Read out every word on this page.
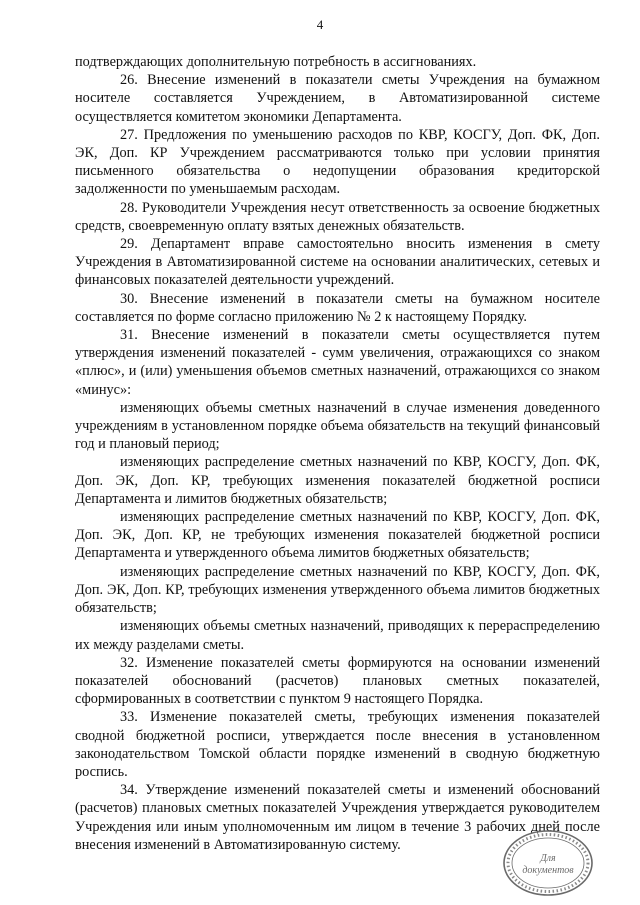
4

подтверждающих дополнительную потребность в ассигнованиях.

26. Внесение изменений в показатели сметы Учреждения на бумажном носителе составляется Учреждением, в Автоматизированной системе осуществляется комитетом экономики Департамента.

27. Предложения по уменьшению расходов по КВР, КОСГУ, Доп. ФК, Доп. ЭК, Доп. КР Учреждением рассматриваются только при условии принятия письменного обязательства о недопущении образования кредиторской задолженности по уменьшаемым расходам.

28. Руководители Учреждения несут ответственность за освоение бюджетных средств, своевременную оплату взятых денежных обязательств.

29. Департамент вправе самостоятельно вносить изменения в смету Учреждения в Автоматизированной системе на основании аналитических, сетевых и финансовых показателей деятельности учреждений.

30. Внесение изменений в показатели сметы на бумажном носителе составляется по форме согласно приложению № 2 к настоящему Порядку.

31. Внесение изменений в показатели сметы осуществляется путем утверждения изменений показателей - сумм увеличения, отражающихся со знаком «плюс», и (или) уменьшения объемов сметных назначений, отражающихся со знаком «минус»:

изменяющих объемы сметных назначений в случае изменения доведенного учреждениям в установленном порядке объема обязательств на текущий финансовый год и плановый период;

изменяющих распределение сметных назначений по КВР, КОСГУ, Доп. ФК, Доп. ЭК, Доп. КР, требующих изменения показателей бюджетной росписи Департамента и лимитов бюджетных обязательств;

изменяющих распределение сметных назначений по КВР, КОСГУ, Доп. ФК, Доп. ЭК, Доп. КР, не требующих изменения показателей бюджетной росписи Департамента и утвержденного объема лимитов бюджетных обязательств;

изменяющих распределение сметных назначений по КВР, КОСГУ, Доп. ФК, Доп. ЭК, Доп. КР, требующих изменения утвержденного объема лимитов бюджетных обязательств;

изменяющих объемы сметных назначений, приводящих к перераспределению их между разделами сметы.

32. Изменение показателей сметы формируются на основании изменений показателей обоснований (расчетов) плановых сметных показателей, сформированных в соответствии с пунктом 9 настоящего Порядка.

33. Изменение показателей сметы, требующих изменения показателей сводной бюджетной росписи, утверждается после внесения в установленном законодательством Томской области порядке изменений в сводную бюджетную роспись.

34. Утверждение изменений показателей сметы и изменений обоснований (расчетов) плановых сметных показателей Учреждения утверждается руководителем Учреждения или иным уполномоченным им лицом в течение 3 рабочих дней после внесения изменений в Автоматизированную систему.

Для
документов
